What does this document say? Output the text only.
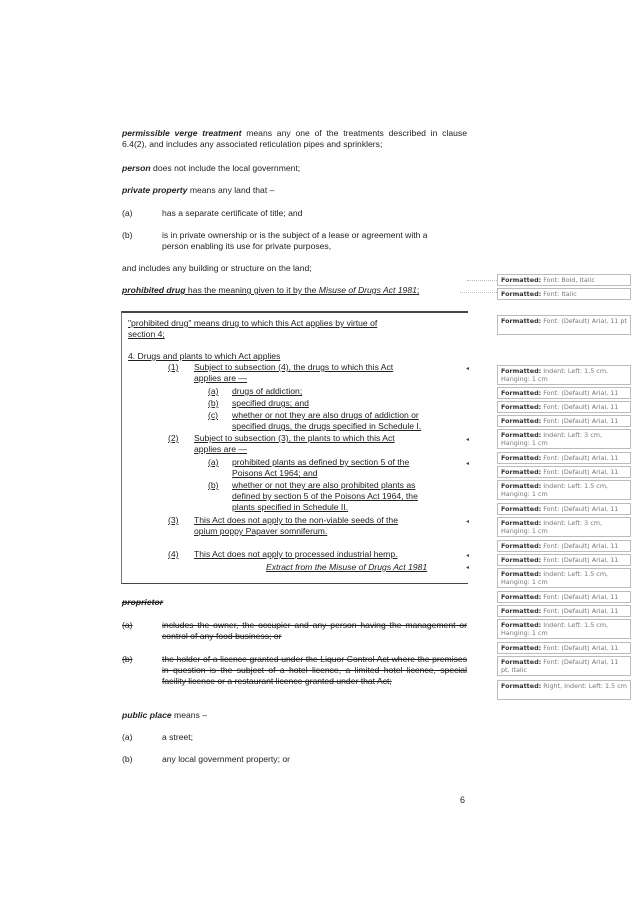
permissible verge treatment means any one of the treatments described in clause 6.4(2), and includes any associated reticulation pipes and sprinklers;
person does not include the local government;
private property means any land that –
(a)	has a separate certificate of title; and
(b)	is in private ownership or is the subject of a lease or agreement with a
person enabling its use for private purposes,
and includes any building or structure on the land;
prohibited drug has the meaning given to it by the Misuse of Drugs Act 1981;
"prohibited drug" means drug to which this Act applies by virtue of
section 4;
4. Drugs and plants to which Act applies
(1) Subject to subsection (4), the drugs to which this Act
applies are —
(a) drugs of addiction;
(b) specified drugs; and
(c) whether or not they are also drugs of addiction or
specified drugs, the drugs specified in Schedule I.
(2) Subject to subsection (3), the plants to which this Act
applies are —
(a) prohibited plants as defined by section 5 of the
Poisons Act 1964; and
(b) whether or not they are also prohibited plants as
defined by section 5 of the Poisons Act 1964, the
plants specified in Schedule II.
(3) This Act does not apply to the non-viable seeds of the
opium poppy Papaver somniferum.
(4) This Act does not apply to processed industrial hemp.
Extract from the Misuse of Drugs Act 1981
◂
◂
◂
◂
◂
◂
proprietor
(a)	includes the owner, the occupier and any person having the management or control of any food business; or
(b)	the holder of a licence granted under the Liquor Control Act where the premises in question is the subject of a hotel licence, a limited hotel licence, special facility licence or a restaurant licence granted under that Act;
public place means –
(a)	a street;
(b)	any local government property; or
6
Formatted: Font: Bold, Italic
Formatted: Font: Italic
Formatted: Font: (Default) Arial, 11 pt
Formatted: Indent: Left: 1.5 cm, Hanging: 1 cm
Formatted: Font: (Default) Arial, 11
Formatted: Font: (Default) Arial, 11
Formatted: Font: (Default) Arial, 11
Formatted: Indent: Left: 3 cm, Hanging: 1 cm
Formatted: Font: (Default) Arial, 11
Formatted: Font: (Default) Arial, 11
Formatted: Indent: Left: 1.5 cm, Hanging: 1 cm
Formatted: Font: (Default) Arial, 11
Formatted: Indent: Left: 3 cm, Hanging: 1 cm
Formatted: Font: (Default) Arial, 11
Formatted: Font: (Default) Arial, 11
Formatted: Indent: Left: 1.5 cm, Hanging: 1 cm
Formatted: Font: (Default) Arial, 11
Formatted: Font: (Default) Arial, 11
Formatted: Indent: Left: 1.5 cm, Hanging: 1 cm
Formatted: Font: (Default) Arial, 11
Formatted: Font: (Default) Arial, 11 pt, Italic
Formatted: Right, Indent: Left: 1.5 cm
